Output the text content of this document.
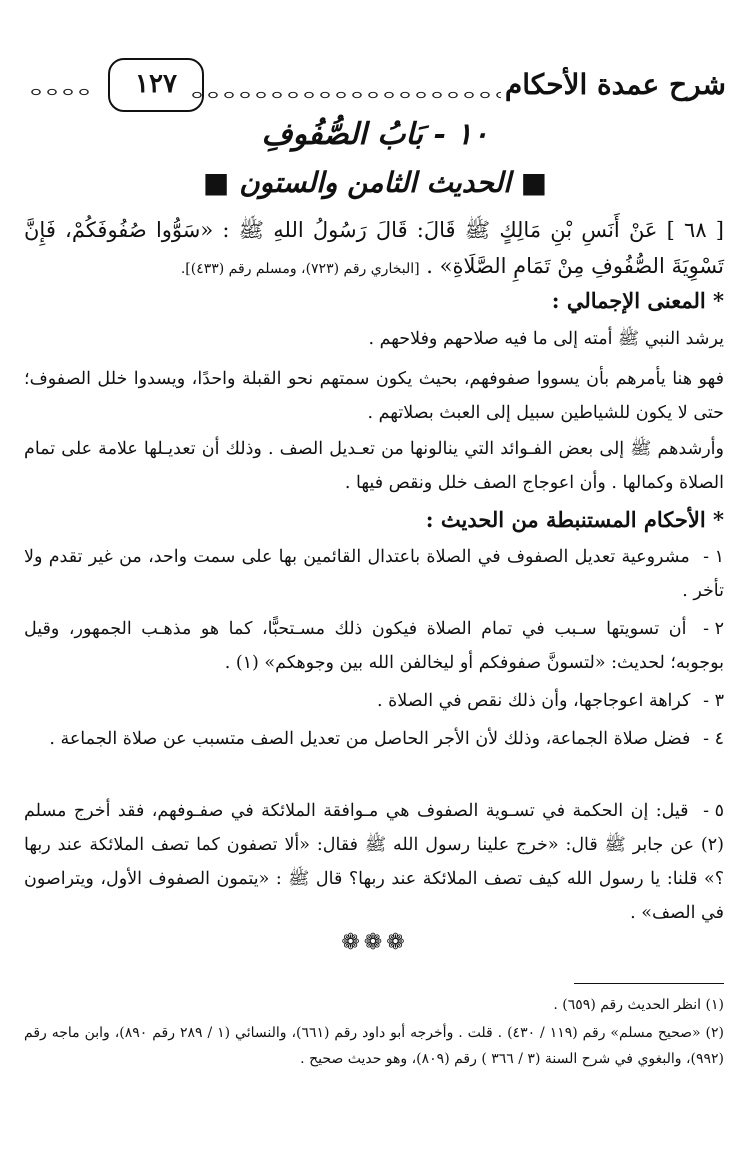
شرح عمدة الأحكام
١٢٧
١٠ - بَابُ الصُّفُوفِ
■ الحديث الثامن والستون ■
[ ٦٨ ] عَنْ أَنَسِ بْنِ مَالِكٍ ﷺ قَالَ: قَالَ رَسُولُ اللهِ ﷺ : «سَوُّوا صُفُوفَكُمْ، فَإِنَّ تَسْوِيَةَ الصُّفُوفِ مِنْ تَمَامِ الصَّلَاةِ» . [البخاري رقم (٧٢٣)، ومسلم رقم (٤٣٣)].
* المعنى الإجمالي :
يرشد النبي ﷺ أمته إلى ما فيه صلاحهم وفلاحهم .
فهو هنا يأمرهم بأن يسووا صفوفهم، بحيث يكون سمتهم نحو القبلة واحدًا، ويسدوا خلل الصفوف؛ حتى لا يكون للشياطين سبيل إلى العبث بصلاتهم .
وأرشدهم ﷺ إلى بعض الفـوائد التي ينالونها من تعـديل الصف . وذلك أن تعديـلها علامة على تمام الصلاة وكمالها . وأن اعوجاج الصف خلل ونقص فيها .
* الأحكام المستنبطة من الحديث :
١ - مشروعية تعديل الصفوف في الصلاة باعتدال القائمين بها على سمت واحد، من غير تقدم ولا تأخر .
٢ - أن تسويتها سـبب في تمام الصلاة فيكون ذلك مسـتحبًّا، كما هو مذهـب الجمهور، وقيل بوجوبه؛ لحديث: «لتسونَّ صفوفكم أو ليخالفن الله بين وجوهكم» (١) .
٣ - كراهة اعوجاجها، وأن ذلك نقص في الصلاة .
٤ - فضل صلاة الجماعة، وذلك لأن الأجر الحاصل من تعديل الصف متسبب عن صلاة الجماعة .
٥ - قيل: إن الحكمة في تسـوية الصفوف هي مـوافقة الملائكة في صفـوفهم، فقد أخرج مسلم (٢) عن جابر ﷺ قال: «خرج علينا رسول الله ﷺ فقال: «ألا تصفون كما تصف الملائكة عند ربها ؟» قلنا: يا رسول الله كيف تصف الملائكة عند ربها؟ قال ﷺ : «يتمون الصفوف الأول، ويتراصون في الصف» .
❁❁❁
(١) انظر الحديث رقم (٦٥٩) .
(٢) «صحيح مسلم» رقم (١١٩ / ٤٣٠) . قلت . وأخرجه أبو داود رقم (٦٦١)، والنسائي (١ / ٢٨٩ رقم ٨٩٠)، وابن ماجه رقم (٩٩٢)، والبغوي في شرح السنة (٣ / ٣٦٦ ) رقم (٨٠٩)، وهو حديث صحيح .
